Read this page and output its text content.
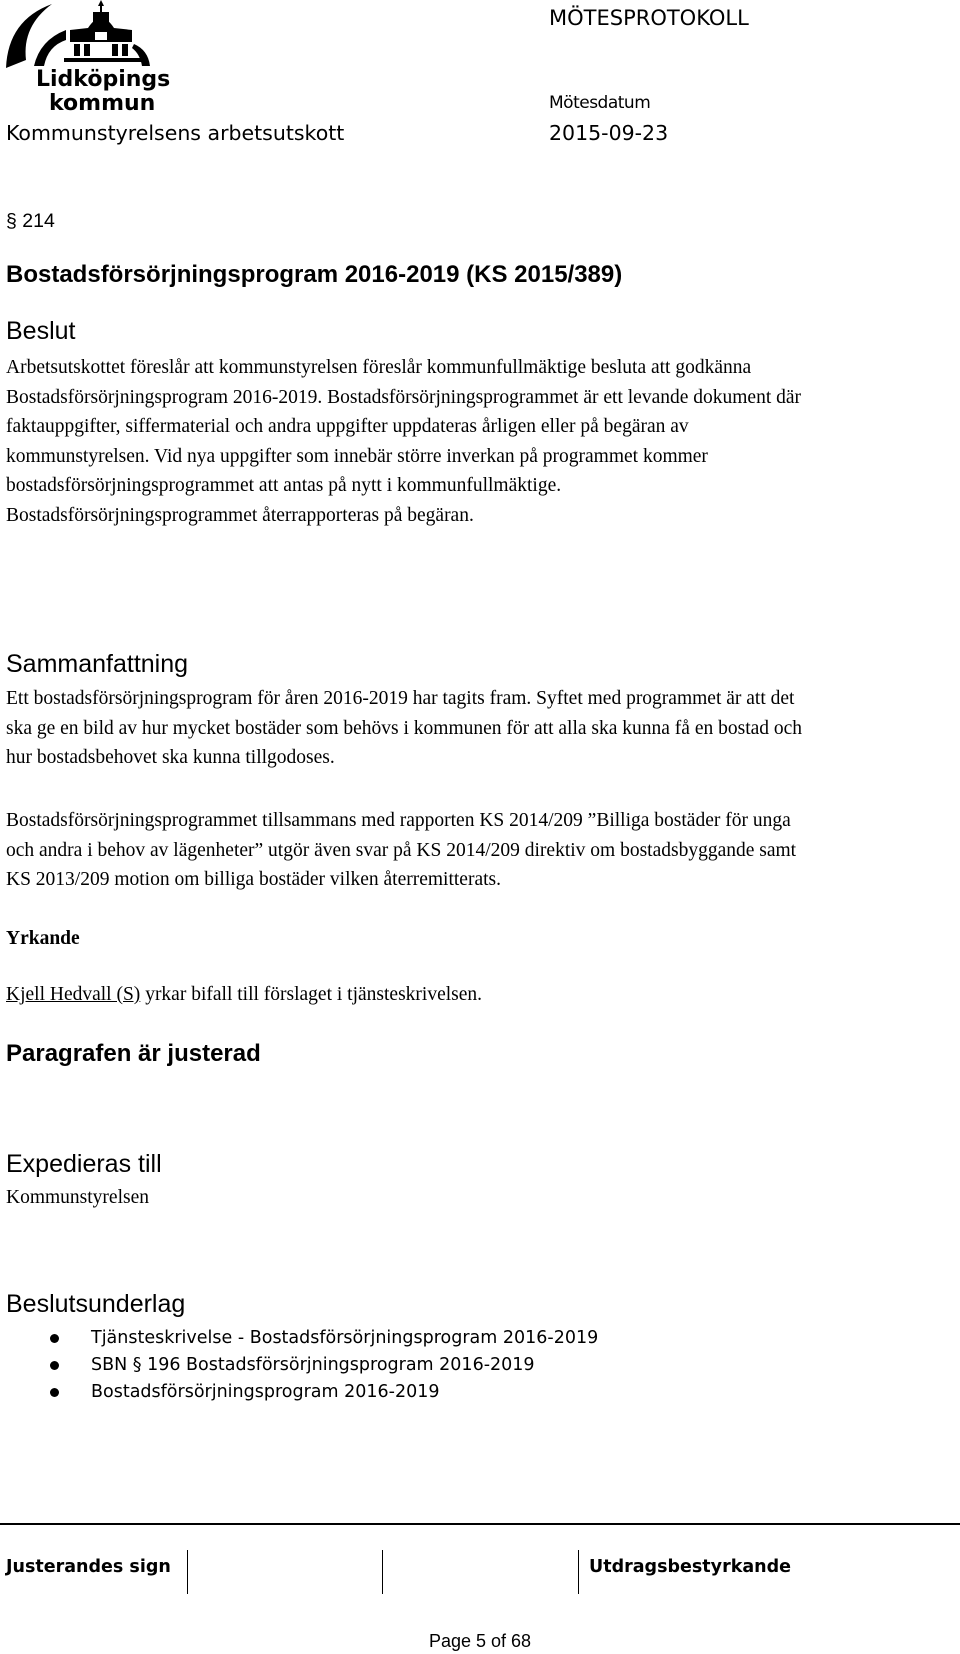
Lidköpings
kommun
MÖTESPROTOKOLL
Mötesdatum
Kommunstyrelsens arbetsutskott	2015-09-23
§ 214
Bostadsförsörjningsprogram 2016-2019 (KS 2015/389)
Beslut
Arbetsutskottet föreslår att kommunstyrelsen föreslår kommunfullmäktige besluta att godkänna
Bostadsförsörjningsprogram 2016-2019. Bostadsförsörjningsprogrammet är ett levande dokument där
faktauppgifter, siffermaterial och andra uppgifter uppdateras årligen eller på begäran av
kommunstyrelsen. Vid nya uppgifter som innebär större inverkan på programmet kommer
bostadsförsörjningsprogrammet att antas på nytt i kommunfullmäktige.
Bostadsförsörjningsprogrammet återrapporteras på begäran.
Sammanfattning
Ett bostadsförsörjningsprogram för åren 2016-2019 har tagits fram. Syftet med programmet är att det
ska ge en bild av hur mycket bostäder som behövs i kommunen för att alla ska kunna få en bostad och
hur bostadsbehovet ska kunna tillgodoses.
Bostadsförsörjningsprogrammet tillsammans med rapporten KS 2014/209 ”Billiga bostäder för unga
och andra i behov av lägenheter” utgör även svar på KS 2014/209 direktiv om bostadsbyggande samt
KS 2013/209 motion om billiga bostäder vilken återremitterats.
Yrkande
Kjell Hedvall (S) yrkar bifall till förslaget i tjänsteskrivelsen.
Paragrafen är justerad
Expedieras till
Kommunstyrelsen
Beslutsunderlag
Tjänsteskrivelse - Bostadsförsörjningsprogram 2016-2019
SBN § 196 Bostadsförsörjningsprogram 2016-2019
Bostadsförsörjningsprogram 2016-2019
Justerandes sign	Utdragsbestyrkande
Page 5 of 68
